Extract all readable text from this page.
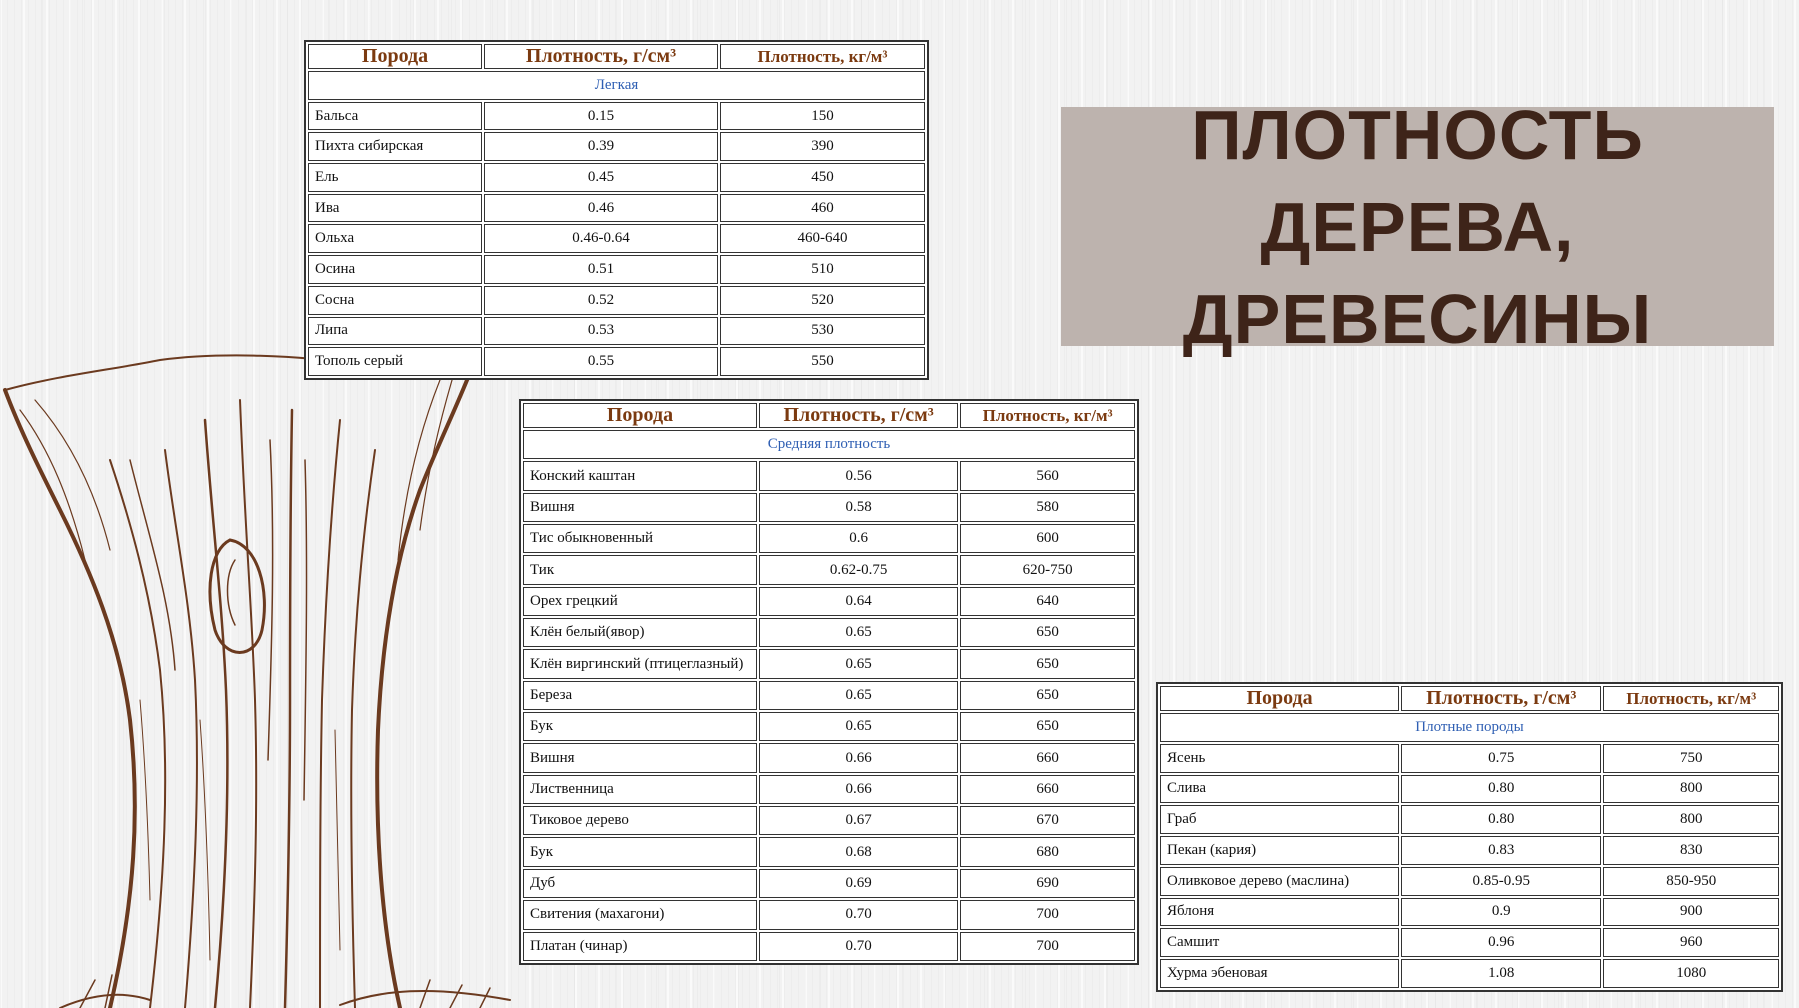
Порода	Плотность, г/см³	Плотность, кг/м³
Легкая		
Бальса	0.15	150
Пихта сибирская	0.39	390
Ель	0.45	450
Ива	0.46	460
Ольха	0.46-0.64	460-640
Осина	0.51	510
Сосна	0.52	520
Липа	0.53	530
Тополь серый	0.55	550
Порода	Плотность, г/см³	Плотность, кг/м³
Средняя плотность		
Конский каштан	0.56	560
Вишня	0.58	580
Тис обыкновенный	0.6	600
Тик	0.62-0.75	620-750
Орех грецкий	0.64	640
Клён белый(явор)	0.65	650
Клён виргинский (птицеглазный)	0.65	650
Береза	0.65	650
Бук	0.65	650
Вишня	0.66	660
Лиственница	0.66	660
Тиковое дерево	0.67	670
Бук	0.68	680
Дуб	0.69	690
Свитения (махагони)	0.70	700
Платан (чинар)	0.70	700
Порода	Плотность, г/см³	Плотность, кг/м³
Плотные породы		
Ясень	0.75	750
Слива	0.80	800
Граб	0.80	800
Пекан (кария)	0.83	830
Оливковое дерево (маслина)	0.85-0.95	850-950
Яблоня	0.9	900
Самшит	0.96	960
Хурма эбеновая	1.08	1080
ПЛОТНОСТЬ ДЕРЕВА,
ДРЕВЕСИНЫ
